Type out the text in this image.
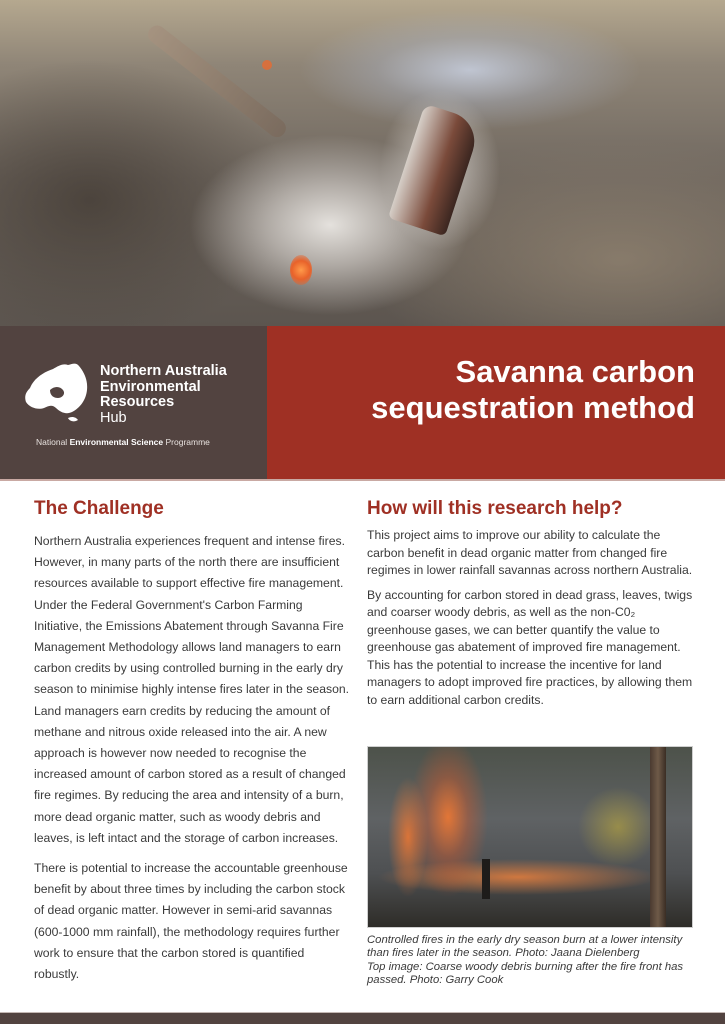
Northern Australia
Environmental
Resources
Hub
National Environmental Science Programme
Savanna carbon
sequestration method
The Challenge

Northern Australia experiences frequent and intense fires. However, in many parts of the north there are insufficient resources available to support effective fire management. Under the Federal Government's Carbon Farming Initiative, the Emissions Abatement through Savanna Fire Management Methodology allows land managers to earn carbon credits by using controlled burning in the early dry season to minimise highly intense fires later in the season. Land managers earn credits by reducing the amount of methane and nitrous oxide released into the air. A new approach is however now needed to recognise the increased amount of carbon stored as a result of changed fire regimes. By reducing the area and intensity of a burn, more dead organic matter, such as woody debris and leaves, is left intact and the storage of carbon increases.

There is potential to increase the accountable greenhouse benefit by about three times by including the carbon stock of dead organic matter. However in semi-arid savannas (600-1000 mm rainfall), the methodology requires further work to ensure that the carbon stored is quantified robustly.

How will this research help?

This project aims to improve our ability to calculate the carbon benefit in dead organic matter from changed fire regimes in lower rainfall savannas across northern Australia.

By accounting for carbon stored in dead grass, leaves, twigs and coarser woody debris, as well as the non-C0₂ greenhouse gases, we can better quantify the value to greenhouse gas abatement of improved fire management. This has the potential to increase the incentive for land managers to adopt improved fire practices, by allowing them to earn additional carbon credits.

Controlled fires in the early dry season burn at a lower intensity than fires later in the season. Photo: Jaana Dielenberg
Top image: Coarse woody debris burning after the fire front has passed. Photo: Garry Cook
